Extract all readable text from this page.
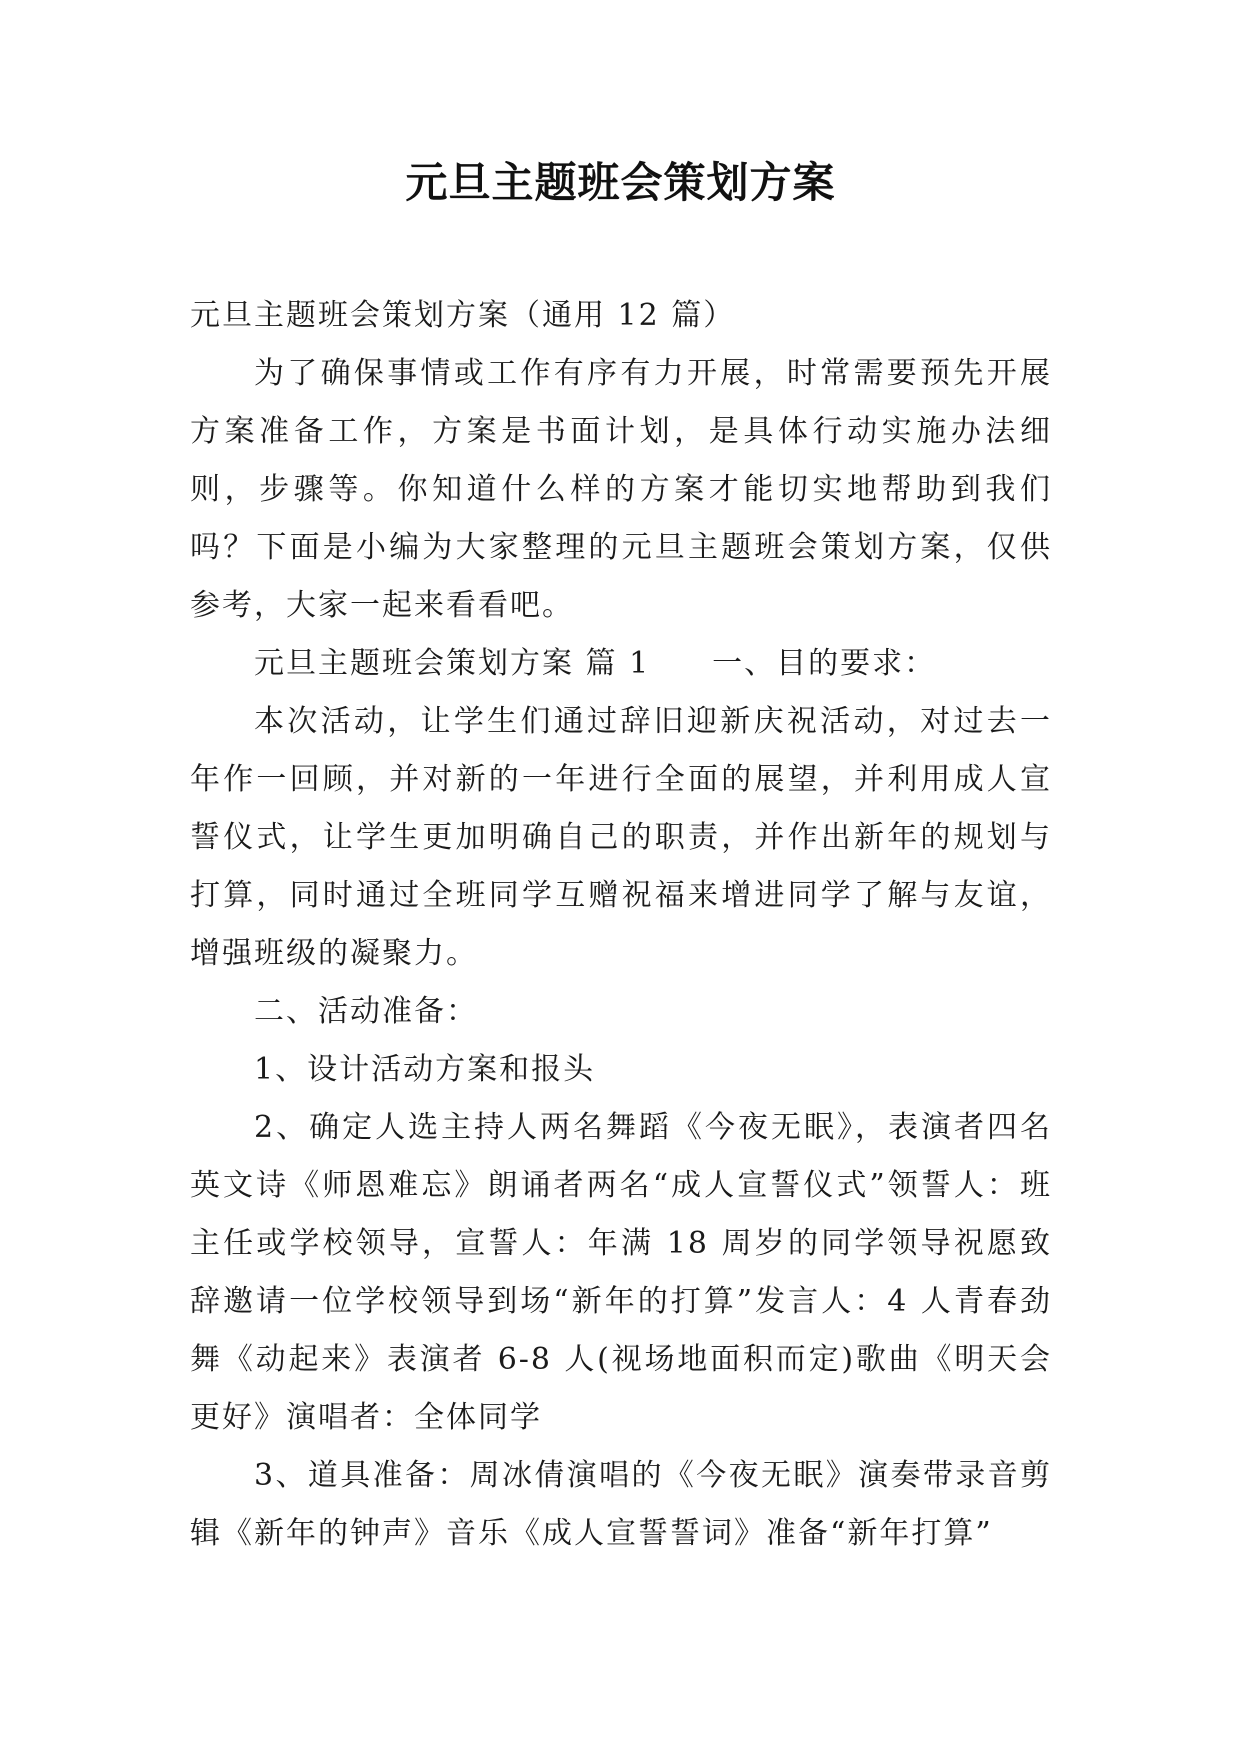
元旦主题班会策划方案

元旦主题班会策划方案（通用 12 篇）

为了确保事情或工作有序有力开展，时常需要预先开展方案准备工作，方案是书面计划，是具体行动实施办法细则，步骤等。你知道什么样的方案才能切实地帮助到我们吗？下面是小编为大家整理的元旦主题班会策划方案，仅供参考，大家一起来看看吧。

元旦主题班会策划方案 篇 1 一、目的要求：

本次活动，让学生们通过辞旧迎新庆祝活动，对过去一年作一回顾，并对新的一年进行全面的展望，并利用成人宣誓仪式，让学生更加明确自己的职责，并作出新年的规划与打算，同时通过全班同学互赠祝福来增进同学了解与友谊，增强班级的凝聚力。

二、活动准备：

1、设计活动方案和报头

2、确定人选主持人两名舞蹈《今夜无眠》，表演者四名英文诗《师恩难忘》朗诵者两名“成人宣誓仪式”领誓人：班主任或学校领导，宣誓人：年满 18 周岁的同学领导祝愿致辞邀请一位学校领导到场“新年的打算”发言人：4 人青春劲舞《动起来》表演者 6-8 人(视场地面积而定)歌曲《明天会更好》演唱者：全体同学

3、道具准备：周冰倩演唱的《今夜无眠》演奏带录音剪辑《新年的钟声》音乐《成人宣誓誓词》准备“新年打算”
